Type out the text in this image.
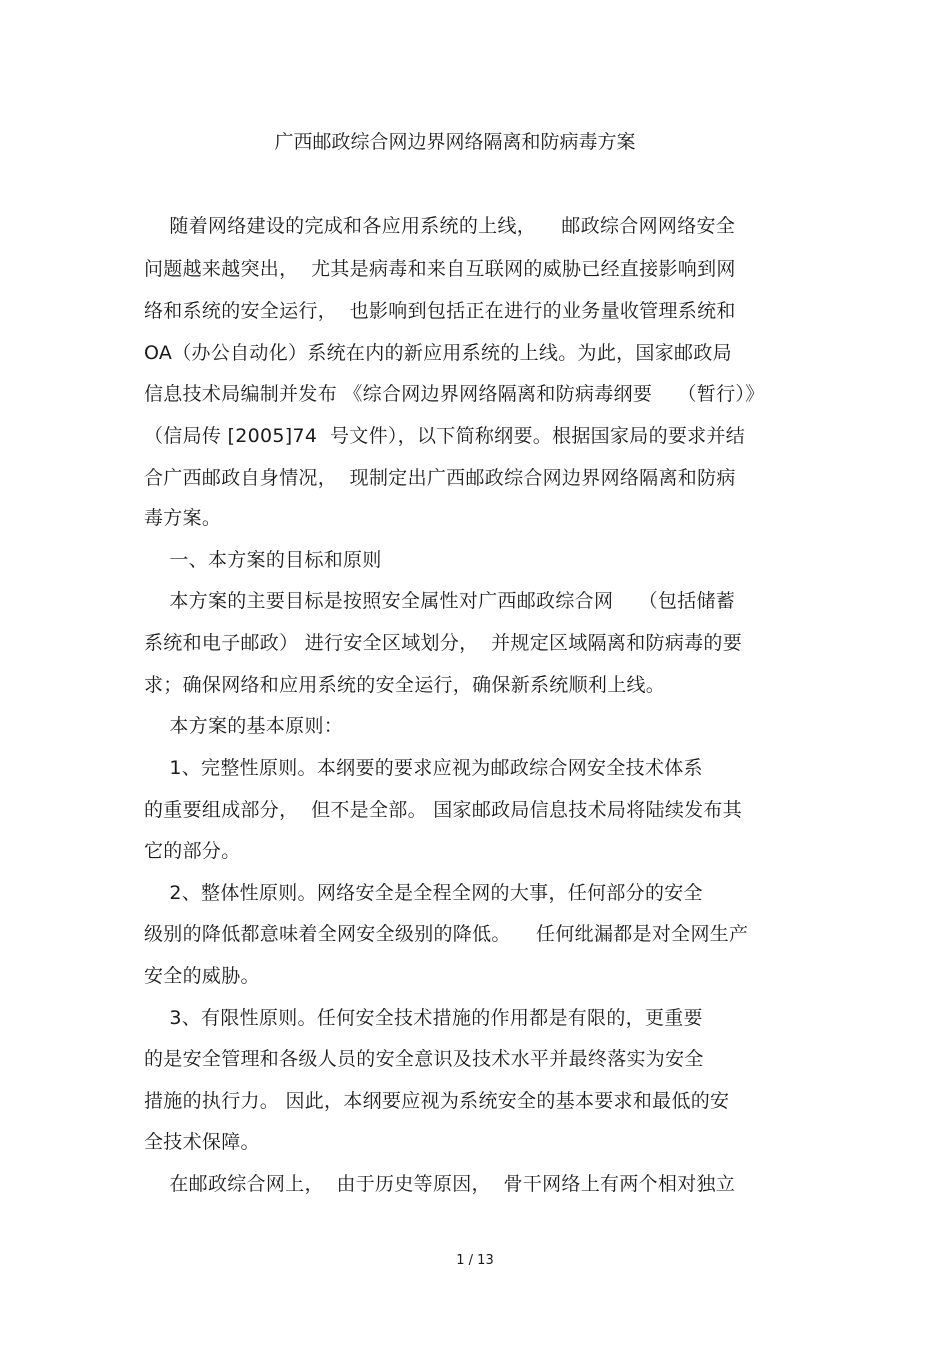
广西邮政综合网边界网络隔离和防病毒方案
随着网络建设的完成和各应用系统的上线，    邮政综合网网络安全
问题越来越突出，  尤其是病毒和来自互联网的威胁已经直接影响到网
络和系统的安全运行，  也影响到包括正在进行的业务量收管理系统和
OA（办公自动化）系统在内的新应用系统的上线。为此，国家邮政局
信息技术局编制并发布 《综合网边界网络隔离和防病毒纲要    （暂行）》
（信局传 [2005]74  号文件），以下简称纲要。根据国家局的要求并结
合广西邮政自身情况，  现制定出广西邮政综合网边界网络隔离和防病
毒方案。
一、本方案的目标和原则
本方案的主要目标是按照安全属性对广西邮政综合网    （包括储蓄
系统和电子邮政） 进行安全区域划分，  并规定区域隔离和防病毒的要
求；确保网络和应用系统的安全运行，确保新系统顺利上线。
本方案的基本原则：
1、完整性原则。本纲要的要求应视为邮政综合网安全技术体系
的重要组成部分，  但不是全部。 国家邮政局信息技术局将陆续发布其
它的部分。
2、整体性原则。网络安全是全程全网的大事，任何部分的安全
级别的降低都意味着全网安全级别的降低。    任何纰漏都是对全网生产
安全的威胁。
3、有限性原则。任何安全技术措施的作用都是有限的，更重要
的是安全管理和各级人员的安全意识及技术水平并最终落实为安全
措施的执行力。 因此，本纲要应视为系统安全的基本要求和最低的安
全技术保障。
在邮政综合网上，  由于历史等原因，  骨干网络上有两个相对独立
1 / 13
